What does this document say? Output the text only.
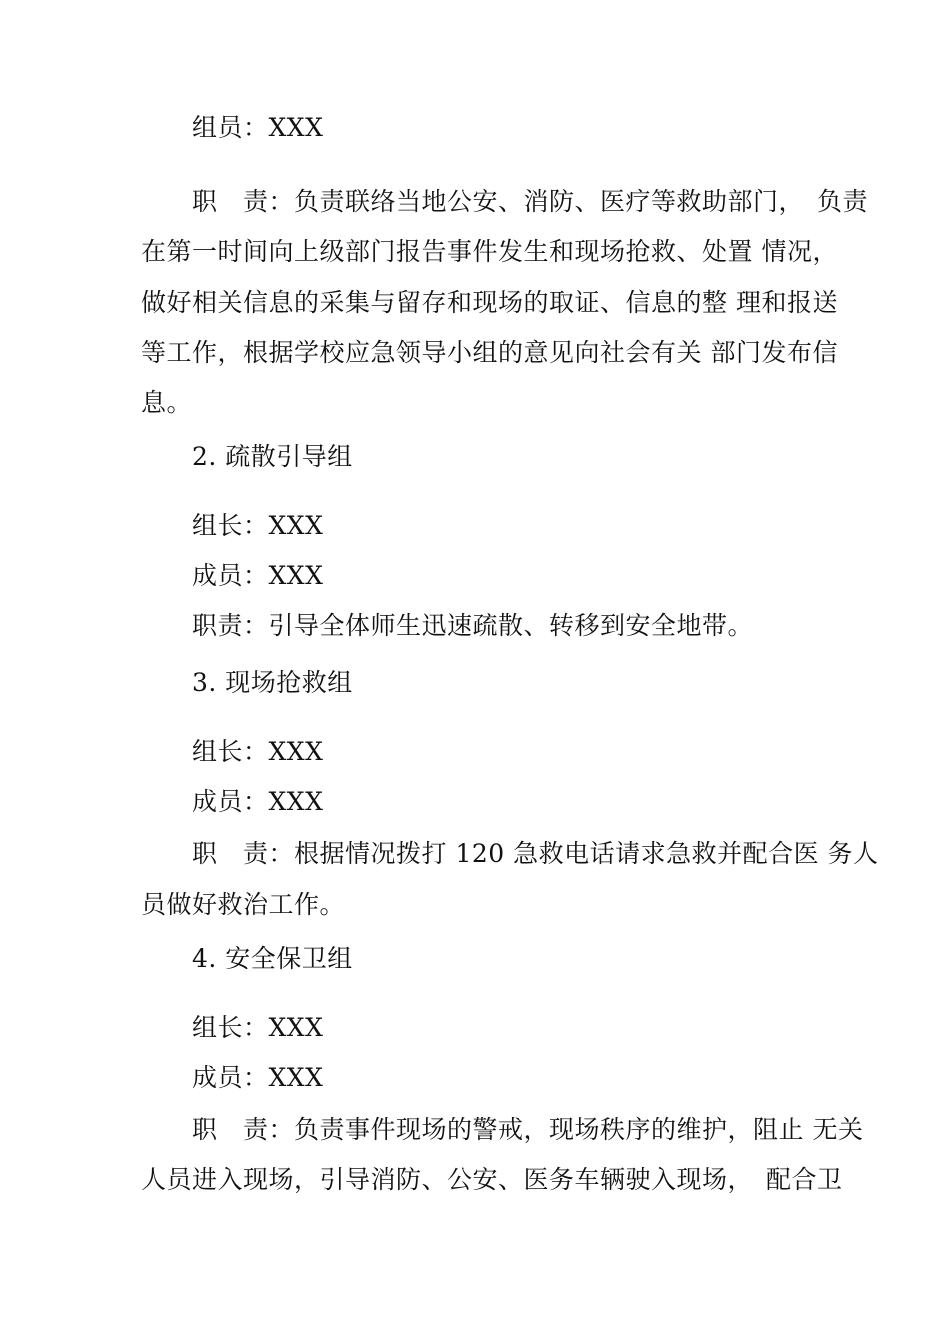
组员：XXX
职　责：负责联络当地公安、消防、医疗等救助部门，　负责
在第一时间向上级部门报告事件发生和现场抢救、处置 情况，
做好相关信息的采集与留存和现场的取证、信息的整 理和报送
等工作，根据学校应急领导小组的意见向社会有关 部门发布信
息。
2. 疏散引导组
组长：XXX
成员：XXX
职责：引导全体师生迅速疏散、转移到安全地带。
3. 现场抢救组
组长：XXX
成员：XXX
职　责：根据情况拨打 120 急救电话请求急救并配合医 务人
员做好救治工作。
4. 安全保卫组
组长：XXX
成员：XXX
职　责：负责事件现场的警戒，现场秩序的维护，阻止 无关
人员进入现场，引导消防、公安、医务车辆驶入现场，　配合卫
